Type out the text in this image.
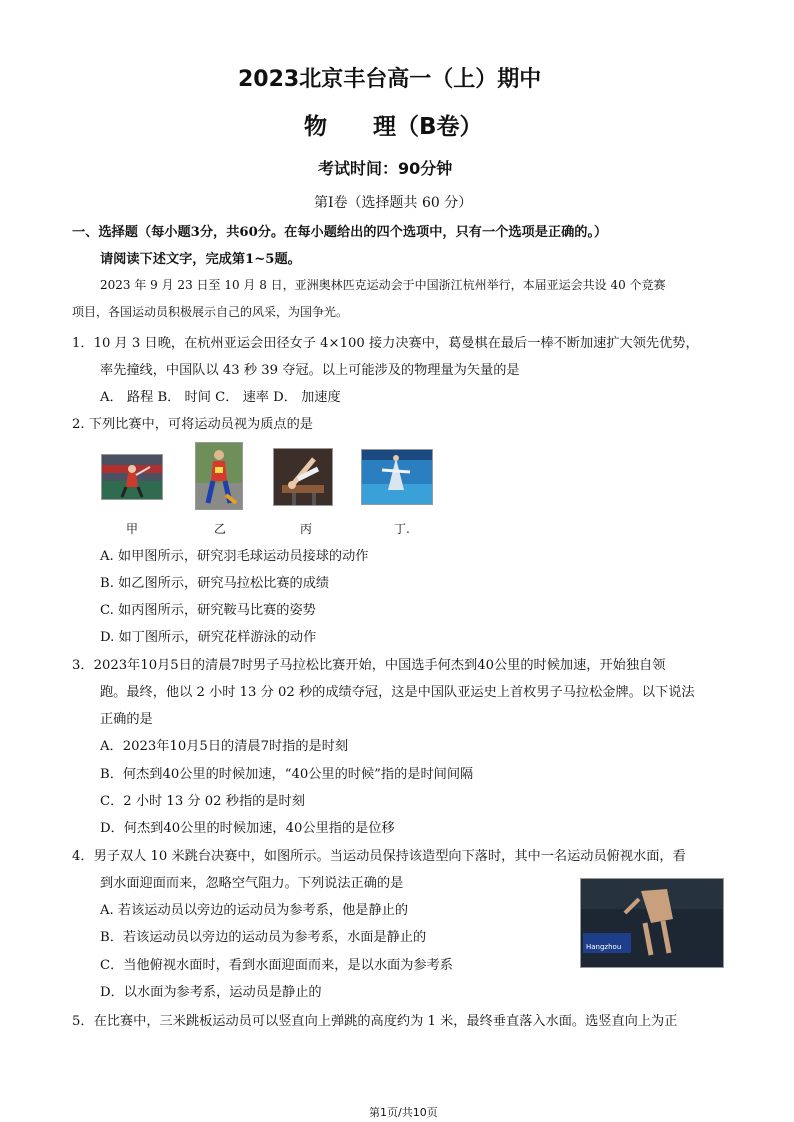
2023北京丰台高一（上）期中
物　　理（B卷）
考试时间：90分钟
第Ⅰ卷（选择题共 60 分）
一、选择题（每小题3分，共60分。在每小题给出的四个选项中，只有一个选项是正确的。）
请阅读下述文字，完成第1~5题。
2023 年 9 月 23 日至 10 月 8 日，亚洲奥林匹克运动会于中国浙江杭州举行，本届亚运会共设 40 个竞赛
项目，各国运动员积极展示自己的风采，为国争光。
1．10 月 3 日晚，在杭州亚运会田径女子 4×100 接力决赛中，葛曼棋在最后一棒不断加速扩大领先优势，
率先撞线，中国队以 43 秒 39 夺冠。以上可能涉及的物理量为矢量的是
A． 路程 B． 时间 C． 速率 D． 加速度
2. 下列比赛中，可将运动员视为质点的是
甲	乙	丙	丁.
A. 如甲图所示，研究羽毛球运动员接球的动作
B. 如乙图所示，研究马拉松比赛的成绩
C. 如丙图所示，研究鞍马比赛的姿势
D. 如丁图所示，研究花样游泳的动作
3．2023年10月5日的清晨7时男子马拉松比赛开始，中国选手何杰到40公里的时候加速，开始独自领
跑。最终，他以 2 小时 13 分 02 秒的成绩夺冠，这是中国队亚运史上首枚男子马拉松金牌。以下说法
正确的是
A．2023年10月5日的清晨7时指的是时刻
B．何杰到40公里的时候加速，“40公里的时候”指的是时间间隔
C．2 小时 13 分 02 秒指的是时刻
D．何杰到40公里的时候加速，40公里指的是位移
4．男子双人 10 米跳台决赛中，如图所示。当运动员保持该造型向下落时，其中一名运动员俯视水面，看
到水面迎面而来，忽略空气阻力。下列说法正确的是
A. 若该运动员以旁边的运动员为参考系，他是静止的
B．若该运动员以旁边的运动员为参考系，水面是静止的
C．当他俯视水面时，看到水面迎面而来，是以水面为参考系
D．以水面为参考系，运动员是静止的
Hangzhou
5．在比赛中，三米跳板运动员可以竖直向上弹跳的高度约为 1 米，最终垂直落入水面。选竖直向上为正
第1页/共10页
